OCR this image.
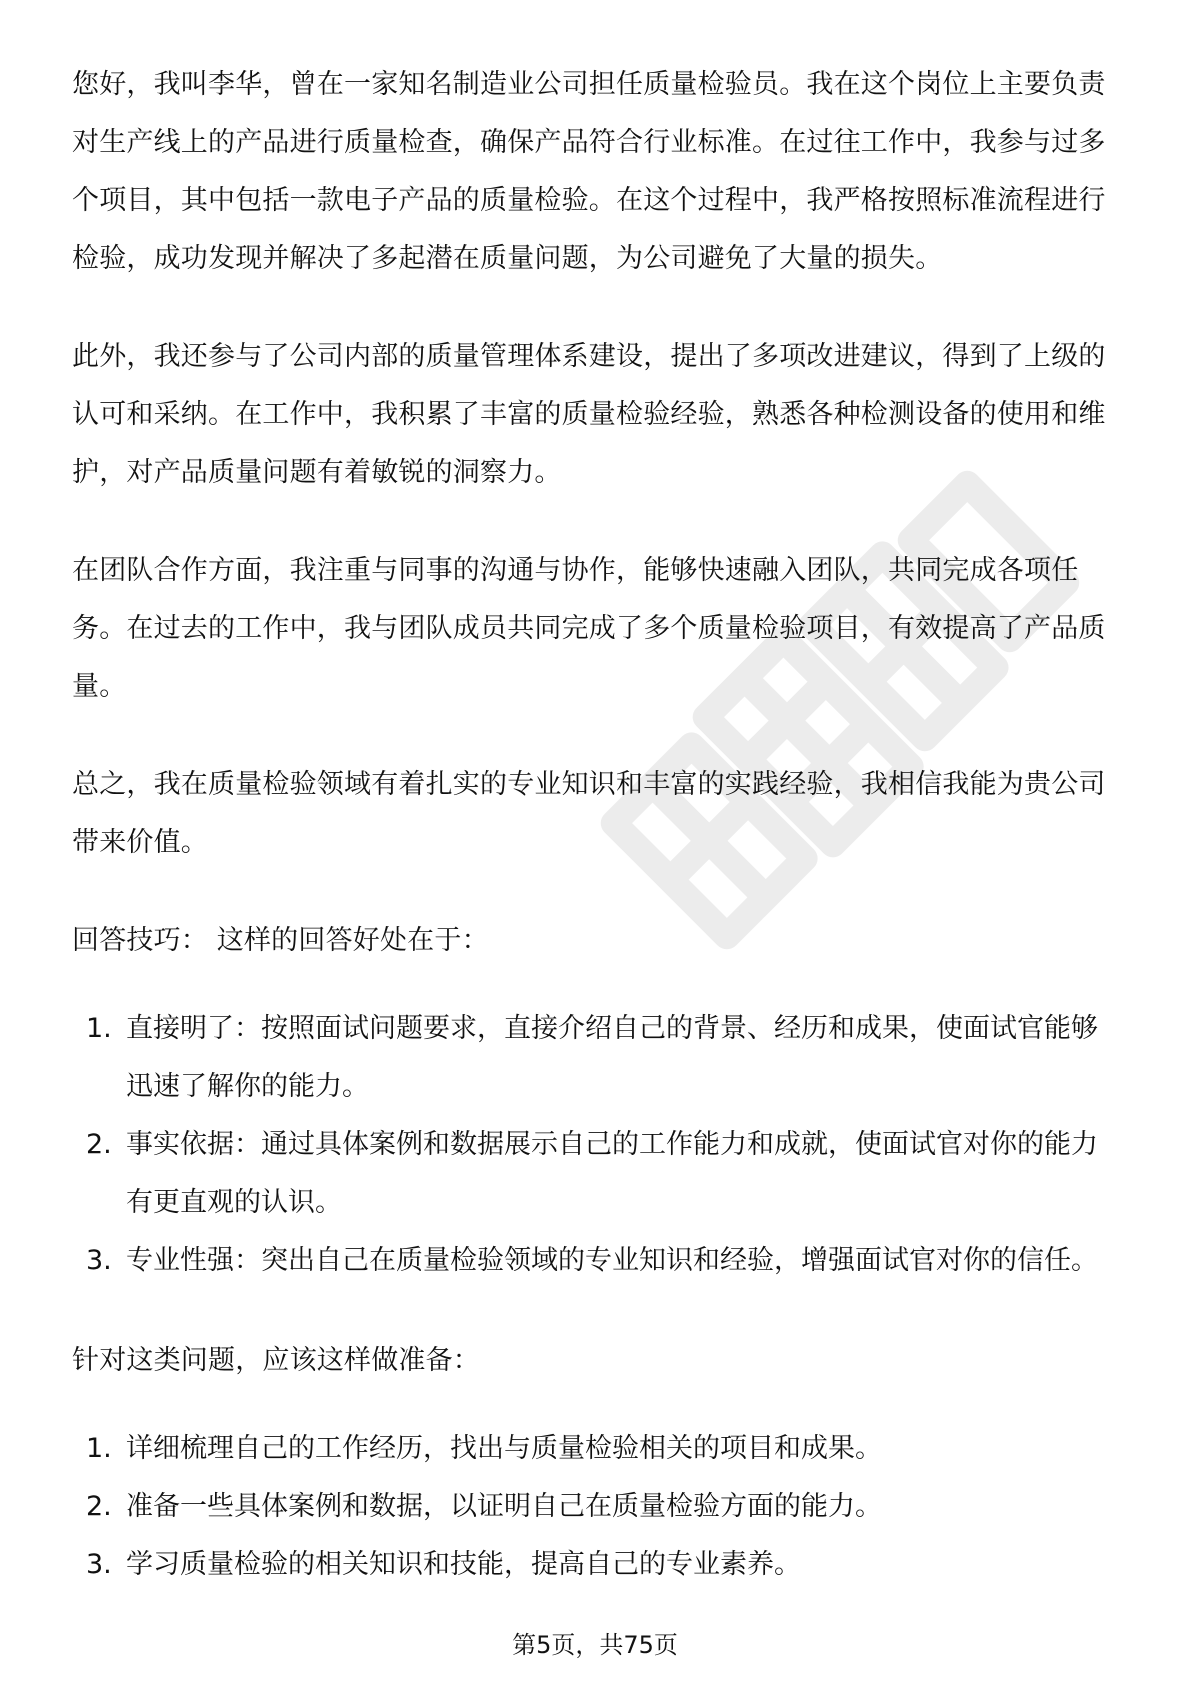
您好，我叫李华，曾在一家知名制造业公司担任质量检验员。我在这个岗位上主要负责对生产线上的产品进行质量检查，确保产品符合行业标准。在过往工作中，我参与过多个项目，其中包括一款电子产品的质量检验。在这个过程中，我严格按照标准流程进行检验，成功发现并解决了多起潜在质量问题，为公司避免了大量的损失。

此外，我还参与了公司内部的质量管理体系建设，提出了多项改进建议，得到了上级的认可和采纳。在工作中，我积累了丰富的质量检验经验，熟悉各种检测设备的使用和维护，对产品质量问题有着敏锐的洞察力。

在团队合作方面，我注重与同事的沟通与协作，能够快速融入团队，共同完成各项任务。在过去的工作中，我与团队成员共同完成了多个质量检验项目，有效提高了产品质量。

总之，我在质量检验领域有着扎实的专业知识和丰富的实践经验，我相信我能为贵公司带来价值。

回答技巧： 这样的回答好处在于：

1. 直接明了：按照面试问题要求，直接介绍自己的背景、经历和成果，使面试官能够迅速了解你的能力。
2. 事实依据：通过具体案例和数据展示自己的工作能力和成就，使面试官对你的能力有更直观的认识。
3. 专业性强：突出自己在质量检验领域的专业知识和经验，增强面试官对你的信任。

针对这类问题，应该这样做准备：

1. 详细梳理自己的工作经历，找出与质量检验相关的项目和成果。
2. 准备一些具体案例和数据，以证明自己在质量检验方面的能力。
3. 学习质量检验的相关知识和技能，提高自己的专业素养。
第5页，共75页
